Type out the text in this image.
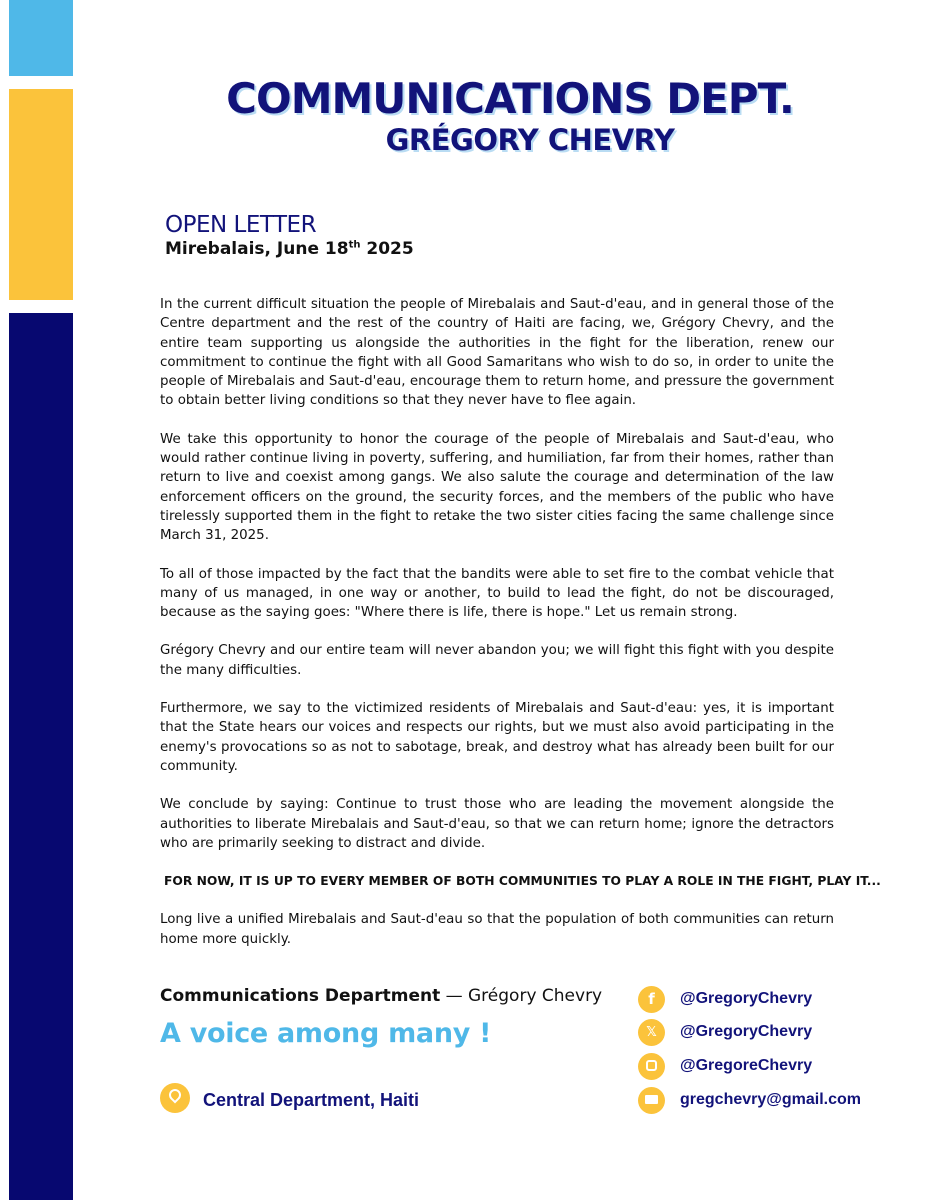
COMMUNICATIONS DEPT.
GRÉGORY CHEVRY
OPEN LETTER
Mirebalais, June 18th 2025

In the current difficult situation the people of Mirebalais and Saut-d'eau, and in general those of the Centre department and the rest of the country of Haiti are facing, we, Grégory Chevry, and the entire team supporting us alongside the authorities in the fight for the liberation, renew our commitment to continue the fight with all Good Samaritans who wish to do so, in order to unite the people of Mirebalais and Saut-d'eau, encourage them to return home, and pressure the government to obtain better living conditions so that they never have to flee again.

We take this opportunity to honor the courage of the people of Mirebalais and Saut-d'eau, who would rather continue living in poverty, suffering, and humiliation, far from their homes, rather than return to live and coexist among gangs. We also salute the courage and determination of the law enforcement officers on the ground, the security forces, and the members of the public who have tirelessly supported them in the fight to retake the two sister cities facing the same challenge since March 31, 2025.

To all of those impacted by the fact that the bandits were able to set fire to the combat vehicle that many of us managed, in one way or another, to build to lead the fight, do not be discouraged, because as the saying goes: "Where there is life, there is hope." Let us remain strong.

Grégory Chevry and our entire team will never abandon you; we will fight this fight with you despite the many difficulties.

Furthermore, we say to the victimized residents of Mirebalais and Saut-d'eau: yes, it is important that the State hears our voices and respects our rights, but we must also avoid participating in the enemy's provocations so as not to sabotage, break, and destroy what has already been built for our community.

We conclude by saying: Continue to trust those who are leading the movement alongside the authorities to liberate Mirebalais and Saut-d'eau, so that we can return home; ignore the detractors who are primarily seeking to distract and divide.

FOR NOW, IT IS UP TO EVERY MEMBER OF BOTH COMMUNITIES TO PLAY A ROLE IN THE FIGHT, PLAY IT...

Long live a unified Mirebalais and Saut-d'eau so that the population of both communities can return home more quickly.

Communications Department — Grégory Chevry
A voice among many !
Central Department, Haiti
f	@GregoryChevry
𝕏	@GregoryChevry
@GregoreChevry
gregchevry@gmail.com
